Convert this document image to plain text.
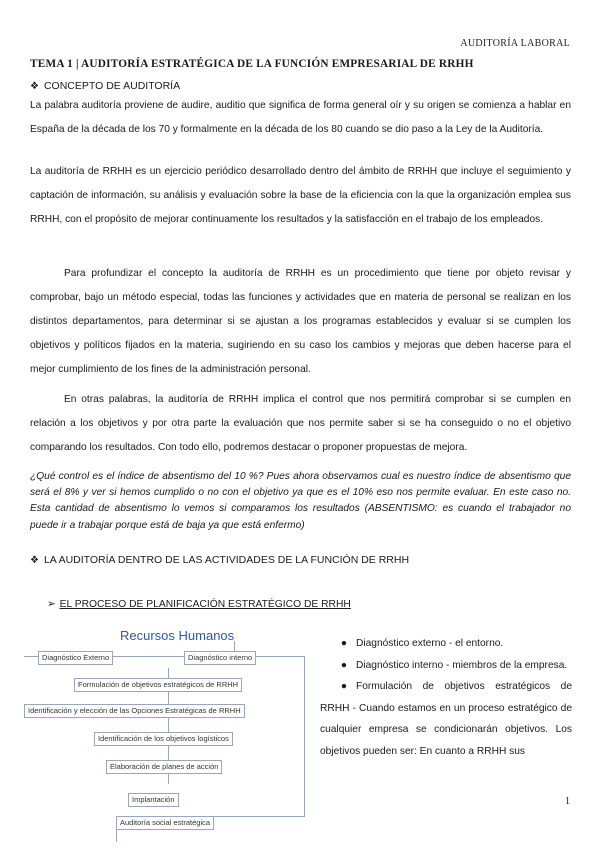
AUDITORÍA LABORAL
TEMA 1 | AUDITORÍA ESTRATÉGICA DE LA FUNCIÓN EMPRESARIAL DE RRHH
❖ CONCEPTO DE AUDITORÍA

La palabra auditoría proviene de audire, auditio que significa de forma general oír y su origen se comienza a hablar en España de la década de los 70 y formalmente en la década de los 80 cuando se dio paso a la Ley de la Auditoría.

La auditoría de RRHH es un ejercicio periódico desarrollado dentro del ámbito de RRHH que incluye el seguimiento y captación de información, su análisis y evaluación sobre la base de la eficiencia con la que la organización emplea sus RRHH, con el propósito de mejorar continuamente los resultados y la satisfacción en el trabajo de los empleados.

Para profundizar el concepto la auditoría de RRHH es un procedimiento que tiene por objeto revisar y comprobar, bajo un método especial, todas las funciones y actividades que en materia de personal se realizan en los distintos departamentos, para determinar si se ajustan a los programas establecidos y evaluar si se cumplen los objetivos y políticos fijados en la materia, sugiriendo en su caso los cambios y mejoras que deben hacerse para el mejor cumplimiento de los fines de la administración personal.

En otras palabras, la auditoría de RRHH implica el control que nos permitirá comprobar si se cumplen en relación a los objetivos y por otra parte la evaluación que nos permite saber si se ha conseguido o no el objetivo comparando los resultados. Con todo ello, podremos destacar o proponer propuestas de mejora.

¿Qué control es el índice de absentismo del 10 %? Pues ahora observamos cual es nuestro índice de absentismo que será el 8% y ver si hemos cumplido o no con el objetivo ya que es el 10% eso nos permite evaluar. En este caso no. Esta cantidad de absentismo lo vemos si comparamos los resultados (ABSENTISMO: es cuando el trabajador no puede ir a trabajar porque está de baja ya que está enfermo)

❖ LA AUDITORÍA DENTRO DE LAS ACTIVIDADES DE LA FUNCIÓN DE RRHH
➢ EL PROCESO DE PLANIFICACIÓN ESTRATÉGICO DE RRHH
Recursos Humanos
Diagnóstico Externo	Diagnóstico interno
Formulación de objetivos estratégicos de RRHH
Identificación y elección de las Opciones Estratégicas de RRHH
Identificación de los objetivos logísticos
Elaboración de planes de acción
Implantación
Auditoría social estratégica
● Diagnóstico externo - el entorno.
● Diagnóstico interno - miembros de la empresa.
● Formulación de objetivos estratégicos de RRHH - Cuando estamos en un proceso estratégico de cualquier empresa se condicionarán objetivos. Los objetivos pueden ser: En cuanto a RRHH sus
1
